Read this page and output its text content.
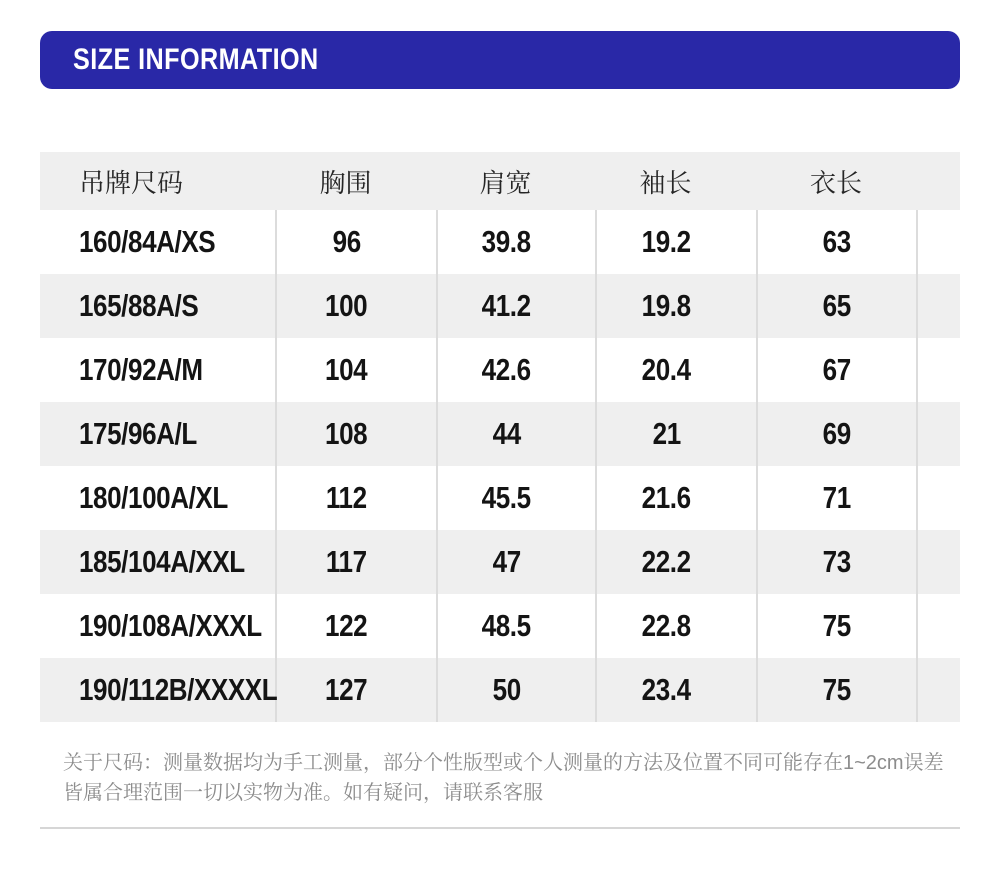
SIZE INFORMATION
吊牌尺码	胸围	肩宽	袖长	衣长
160/84A/XS	96	39.8	19.2	63
165/88A/S	100	41.2	19.8	65
170/92A/M	104	42.6	20.4	67
175/96A/L	108	44	21	69
180/100A/XL	112	45.5	21.6	71
185/104A/XXL	117	47	22.2	73
190/108A/XXXL 122	48.5	22.8	75
190/112B/XXXXL 127	50	23.4	75
关于尺码：测量数据均为手工测量，部分个性版型或个人测量的方法及位置不同可能存在1~2cm误差
皆属合理范围一切以实物为准。如有疑问，请联系客服
